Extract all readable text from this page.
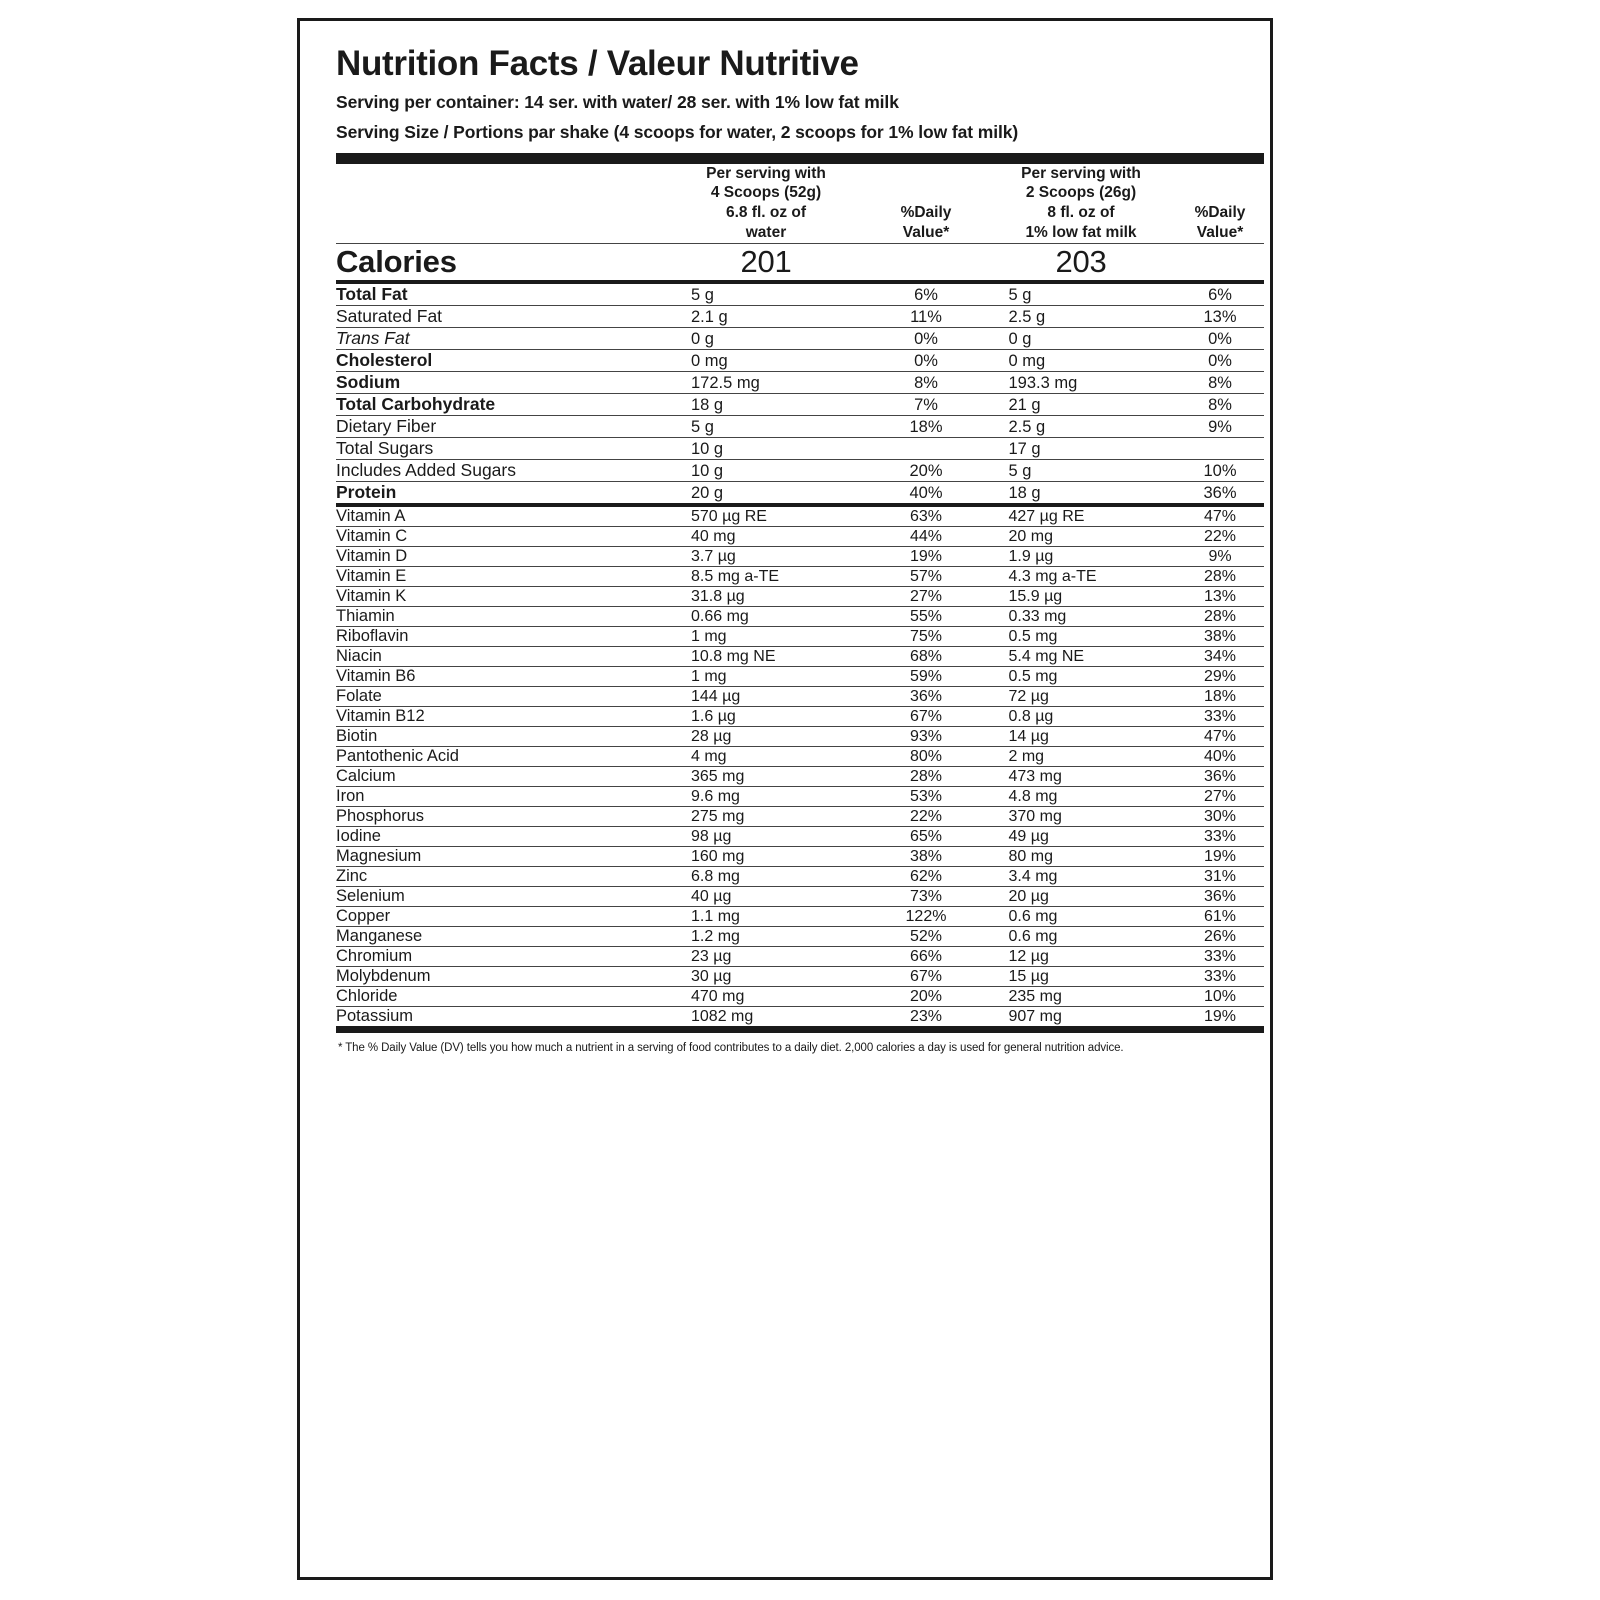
Nutrition Facts / Valeur Nutritive
Serving per container: 14 ser. with water/ 28 ser. with 1% low fat milk
Serving Size / Portions par shake (4 scoops for water, 2 scoops for 1% low fat milk)

	Per serving with
4 Scoops (52g)
6.8 fl. oz of
water	%Daily
Value*	Per serving with
2 Scoops (26g)
8 fl. oz of
1% low fat milk	%Daily
Value*

Calories	201		203	

Total Fat	5 g	6%	5 g	6%

Saturated Fat	2.1 g	11%	2.5 g	13%

Trans Fat	0 g	0%	0 g	0%

Cholesterol	0 mg	0%	0 mg	0%

Sodium	172.5 mg	8%	193.3 mg	8%

Total Carbohydrate	18 g	7%	21 g	8%

Dietary Fiber	5 g	18%	2.5 g	9%

Total Sugars	10 g		17 g	

Includes Added Sugars	10 g	20%	5 g	10%

Protein	20 g	40%	18 g	36%

Vitamin A	570 µg RE	63%	427 µg RE	47%

Vitamin C	40 mg	44%	20 mg	22%

Vitamin D	3.7 µg	19%	1.9 µg	9%

Vitamin E	8.5 mg a-TE	57%	4.3 mg a-TE	28%

Vitamin K	31.8 µg	27%	15.9 µg	13%

Thiamin	0.66 mg	55%	0.33 mg	28%

Riboflavin	1 mg	75%	0.5 mg	38%

Niacin	10.8 mg NE	68%	5.4 mg NE	34%

Vitamin B6	1 mg	59%	0.5 mg	29%

Folate	144 µg	36%	72 µg	18%

Vitamin B12	1.6 µg	67%	0.8 µg	33%

Biotin	28 µg	93%	14 µg	47%

Pantothenic Acid	4 mg	80%	2 mg	40%

Calcium	365 mg	28%	473 mg	36%

Iron	9.6 mg	53%	4.8 mg	27%

Phosphorus	275 mg	22%	370 mg	30%

Iodine	98 µg	65%	49 µg	33%

Magnesium	160 mg	38%	80 mg	19%

Zinc	6.8 mg	62%	3.4 mg	31%

Selenium	40 µg	73%	20 µg	36%

Copper	1.1 mg	122%	0.6 mg	61%

Manganese	1.2 mg	52%	0.6 mg	26%

Chromium	23 µg	66%	12 µg	33%

Molybdenum	30 µg	67%	15 µg	33%

Chloride	470 mg	20%	235 mg	10%

Potassium	1082 mg	23%	907 mg	19%

* The % Daily Value (DV) tells you how much a nutrient in a serving of food contributes to a daily diet. 2,000 calories a day is used for general nutrition advice.
